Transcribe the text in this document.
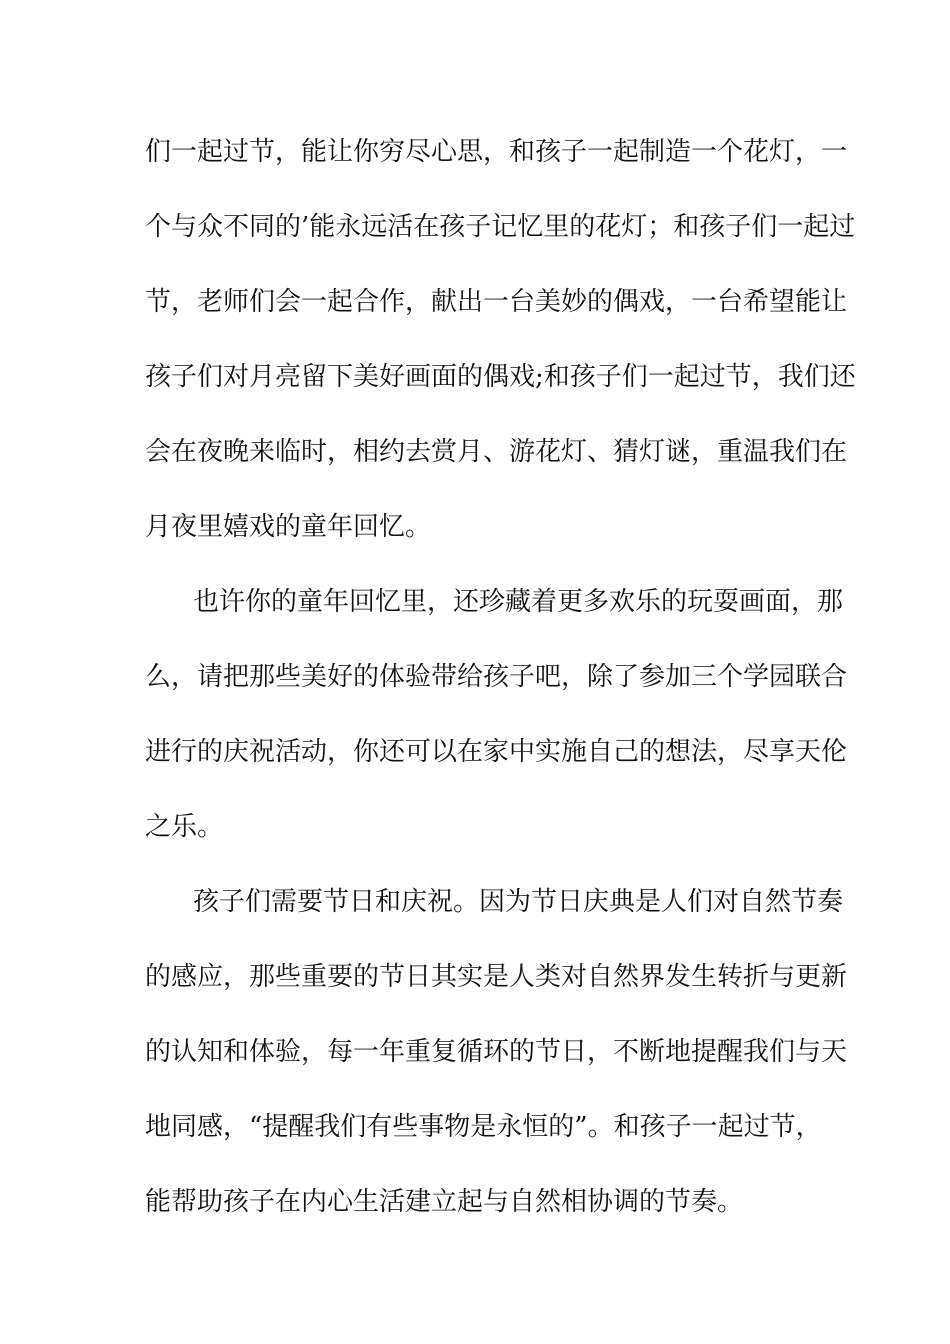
们一起过节，能让你穷尽心思，和孩子一起制造一个花灯，一
个与众不同的’能永远活在孩子记忆里的花灯；和孩子们一起过
节，老师们会一起合作，献出一台美妙的偶戏，一台希望能让
孩子们对月亮留下美好画面的偶戏;和孩子们一起过节，我们还
会在夜晚来临时，相约去赏月、游花灯、猜灯谜，重温我们在
月夜里嬉戏的童年回忆。
也许你的童年回忆里，还珍藏着更多欢乐的玩耍画面，那
么，请把那些美好的体验带给孩子吧，除了参加三个学园联合
进行的庆祝活动，你还可以在家中实施自己的想法，尽享天伦
之乐。
孩子们需要节日和庆祝。因为节日庆典是人们对自然节奏
的感应，那些重要的节日其实是人类对自然界发生转折与更新
的认知和体验，每一年重复循环的节日，不断地提醒我们与天
地同感，“提醒我们有些事物是永恒的”。和孩子一起过节，
能帮助孩子在内心生活建立起与自然相协调的节奏。
